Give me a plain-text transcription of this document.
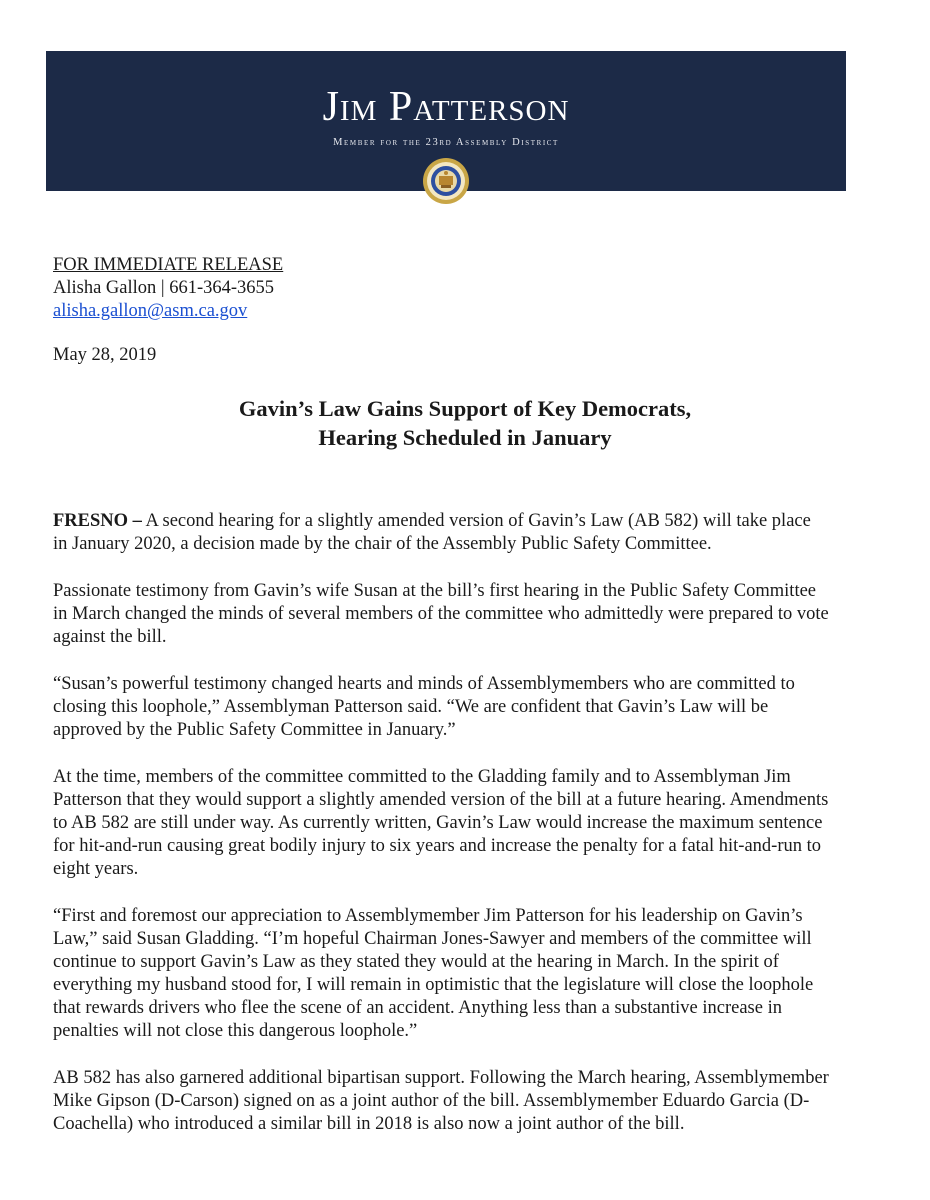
Jim Patterson
Member for the 23rd Assembly District
FOR IMMEDIATE RELEASE
Alisha Gallon | 661-364-3655
alisha.gallon@asm.ca.gov
May 28, 2019
Gavin’s Law Gains Support of Key Democrats,
Hearing Scheduled in January

FRESNO – A second hearing for a slightly amended version of Gavin’s Law (AB 582) will take place
in January 2020, a decision made by the chair of the Assembly Public Safety Committee.

Passionate testimony from Gavin’s wife Susan at the bill’s first hearing in the Public Safety Committee
in March changed the minds of several members of the committee who admittedly were prepared to vote
against the bill.

“Susan’s powerful testimony changed hearts and minds of Assemblymembers who are committed to
closing this loophole,” Assemblyman Patterson said. “We are confident that Gavin’s Law will be
approved by the Public Safety Committee in January.”

At the time, members of the committee committed to the Gladding family and to Assemblyman Jim
Patterson that they would support a slightly amended version of the bill at a future hearing. Amendments
to AB 582 are still under way. As currently written, Gavin’s Law would increase the maximum sentence
for hit-and-run causing great bodily injury to six years and increase the penalty for a fatal hit-and-run to
eight years.

“First and foremost our appreciation to Assemblymember Jim Patterson for his leadership on Gavin’s
Law,” said Susan Gladding. “I’m hopeful Chairman Jones-Sawyer and members of the committee will
continue to support Gavin’s Law as they stated they would at the hearing in March. In the spirit of
everything my husband stood for, I will remain in optimistic that the legislature will close the loophole
that rewards drivers who flee the scene of an accident. Anything less than a substantive increase in
penalties will not close this dangerous loophole.”

AB 582 has also garnered additional bipartisan support. Following the March hearing, Assemblymember
Mike Gipson (D-Carson) signed on as a joint author of the bill. Assemblymember Eduardo Garcia (D-
Coachella) who introduced a similar bill in 2018 is also now a joint author of the bill.
